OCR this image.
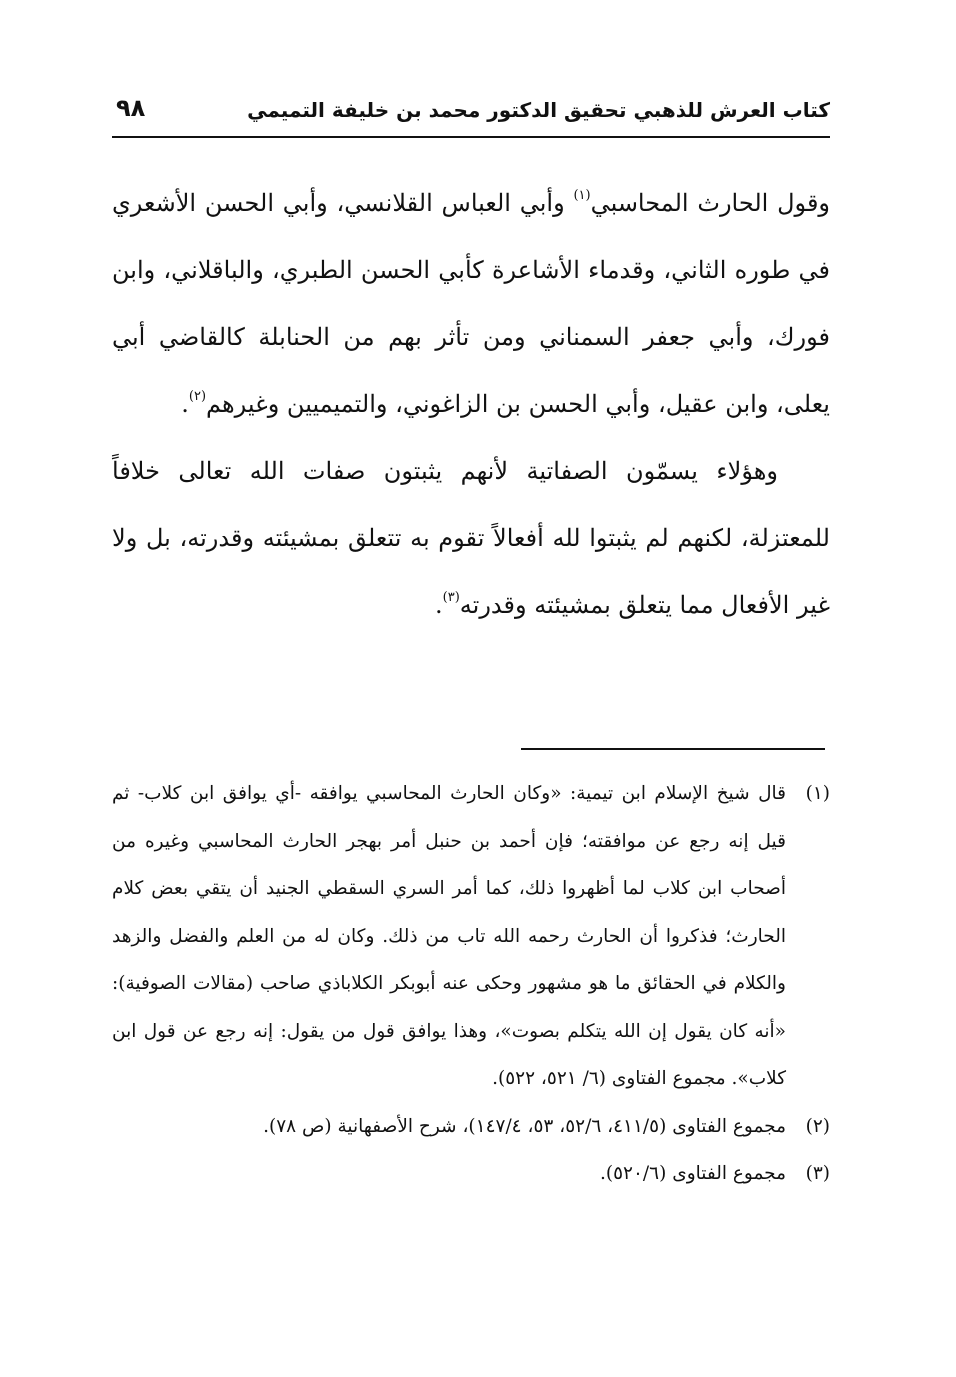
كتاب العرش للذهبي تحقيق الدكتور محمد بن خليفة التميمي
٩٨

وقول الحارث المحاسبي$^{(١)}$ وأبي العباس القلانسي، وأبي الحسن الأشعري في طوره الثاني، وقدماء الأشاعرة كأبي الحسن الطبري، والباقلاني، وابن فورك، وأبي جعفر السمناني ومن تأثر بهم من الحنابلة كالقاضي أبي يعلى، وابن عقيل، وأبي الحسن بن الزاغوني، والتميميين وغيرهم$^{(٢)}$.

وهؤلاء يسمّون الصفاتية لأنهم يثبتون صفات الله تعالى خلافاً للمعتزلة، لكنهم لم يثبتوا لله أفعالاً تقوم به تتعلق بمشيئته وقدرته، بل ولا غير الأفعال مما يتعلق بمشيئته وقدرته$^{(٣)}$.

(١)
قال شيخ الإسلام ابن تيمية: «وكان الحارث المحاسبي يوافقه -أي يوافق ابن كلاب- ثم قيل إنه رجع عن موافقته؛ فإن أحمد بن حنبل أمر بهجر الحارث المحاسبي وغيره من أصحاب ابن كلاب لما أظهروا ذلك، كما أمر السري السقطي الجنيد أن يتقي بعض كلام الحارث؛ فذكروا أن الحارث رحمه الله تاب من ذلك. وكان له من العلم والفضل والزهد والكلام في الحقائق ما هو مشهور وحكى عنه أبوبكر الكلاباذي صاحب (مقالات الصوفية): «أنه كان يقول إن الله يتكلم بصوت»، وهذا يوافق قول من يقول: إنه رجع عن قول ابن كلاب». مجموع الفتاوى (٦/ ٥٢١، ٥٢٢).

(٢)
مجموع الفتاوى (٤١١/٥، ٥٢/٦، ٥٣، ١٤٧/٤)، شرح الأصفهانية (ص ٧٨).

(٣)
مجموع الفتاوى (٥٢٠/٦).
